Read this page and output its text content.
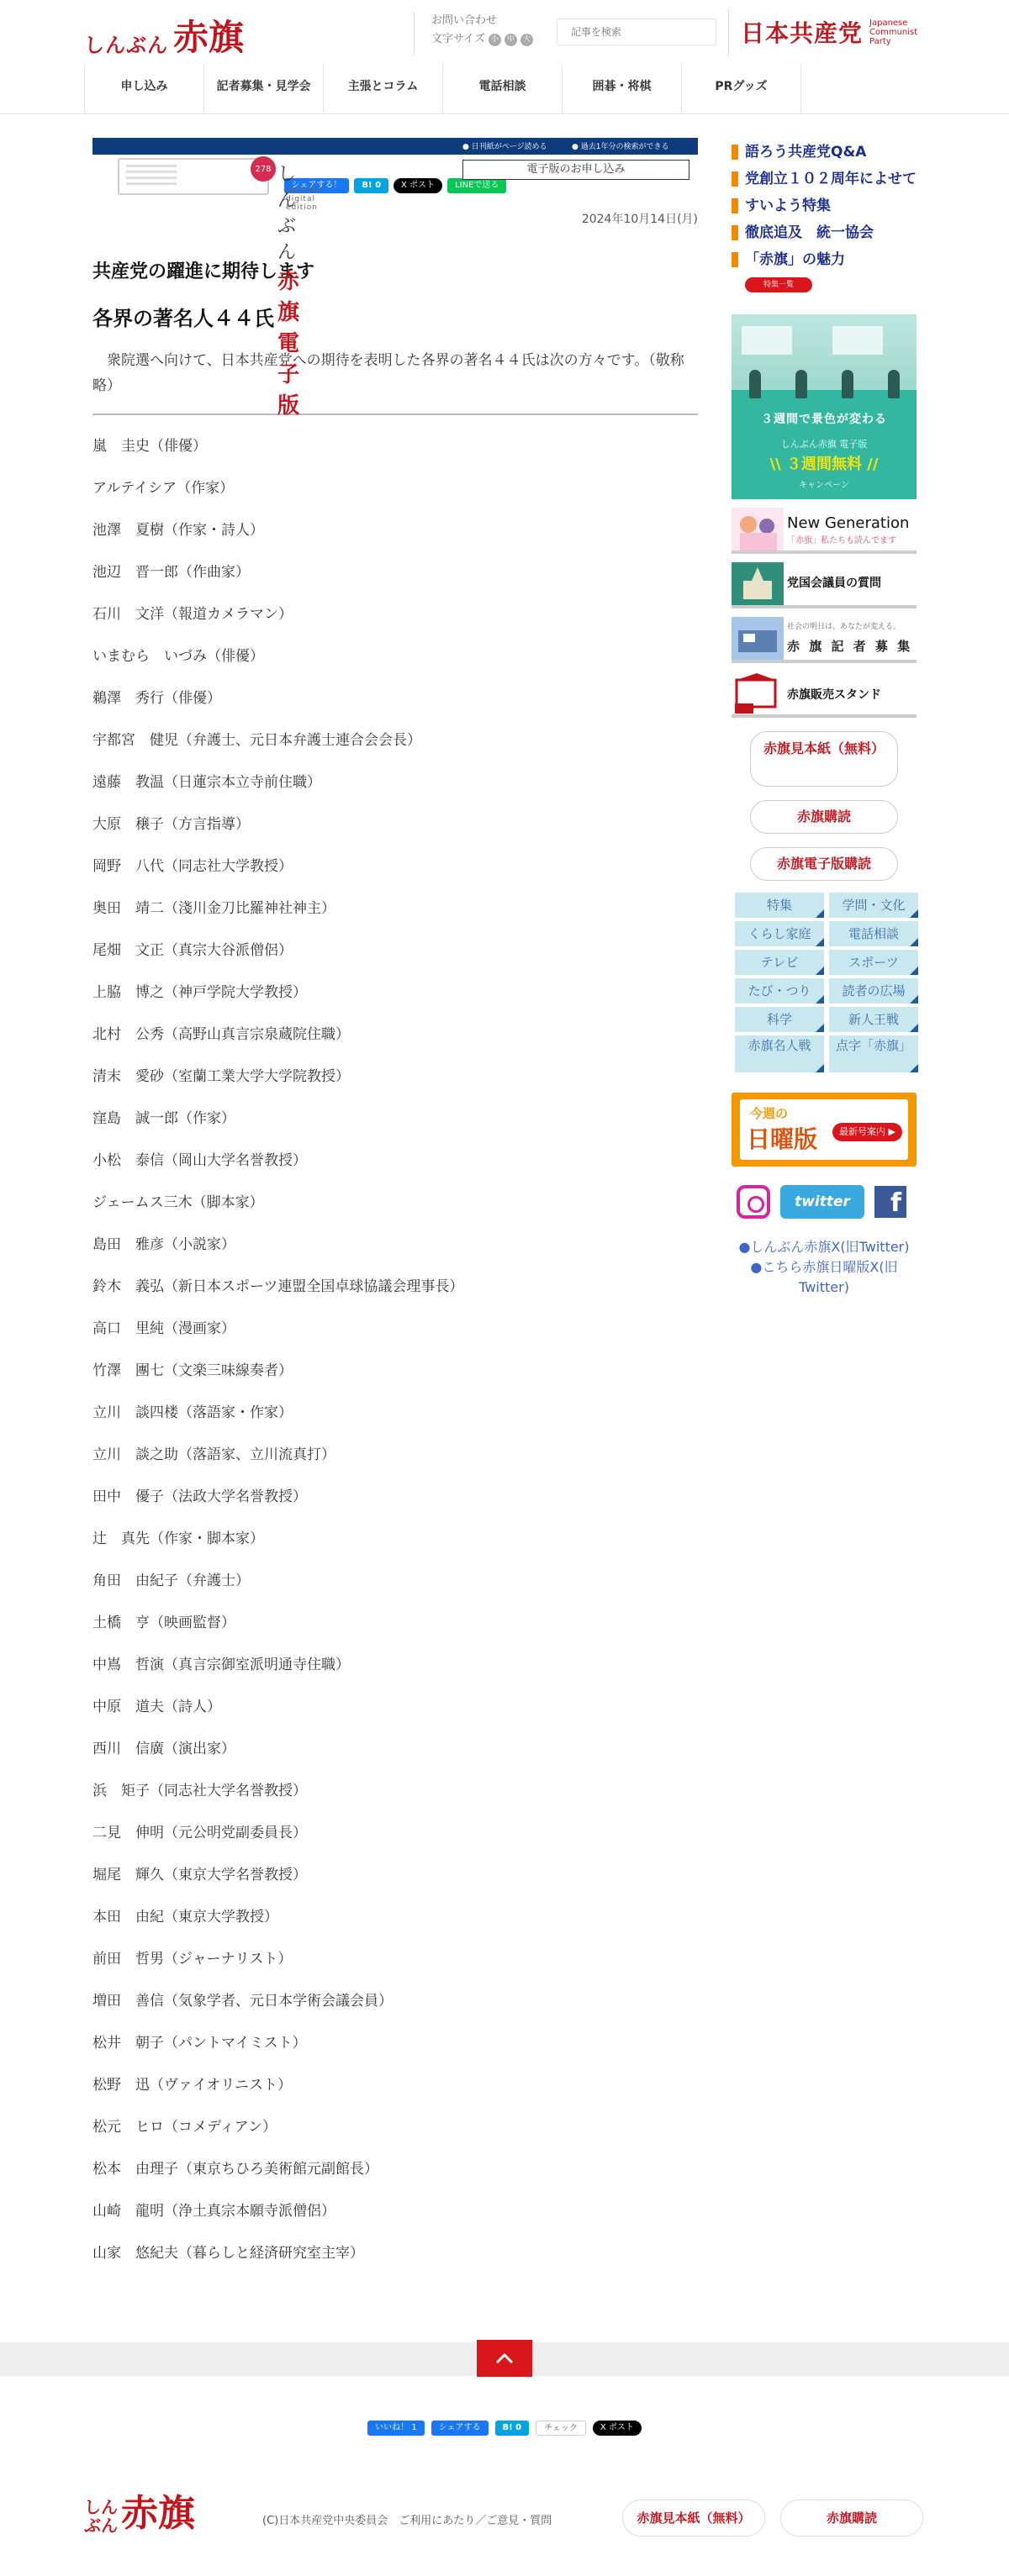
しんぶん 赤旗	お問い合わせ
文字サイズ 小	中	大
記事を検索	日本共産党 Japanese
Communist
Party
申し込み	記者募集・見学会	主張とコラム	電話相談	囲碁・将棋	PRグッズ
シェアする！	B! 0	X ポスト	LINEで送る

2024年10月14日(月)

共産党の躍進に期待します
各界の著名人４４氏

衆院選へ向けて、日本共産党への期待を表明した各界の著名４４氏は次の方々です。（敬称略）

嵐　圭史（俳優）
アルテイシア（作家）
池澤　夏樹（作家・詩人）
池辺　晋一郎（作曲家）
石川　文洋（報道カメラマン）
いまむら　いづみ（俳優）
鵜澤　秀行（俳優）
宇都宮　健児（弁護士、元日本弁護士連合会会長）
遠藤　教温（日蓮宗本立寺前住職）
大原　穣子（方言指導）
岡野　八代（同志社大学教授）
奥田　靖二（淺川金刀比羅神社神主）
尾畑　文正（真宗大谷派僧侶）
上脇　博之（神戸学院大学教授）
北村　公秀（高野山真言宗泉蔵院住職）
清末　愛砂（室蘭工業大学大学院教授）
窪島　誠一郎（作家）
小松　泰信（岡山大学名誉教授）
ジェームス三木（脚本家）
島田　雅彦（小説家）
鈴木　義弘（新日本スポーツ連盟全国卓球協議会理事長）
高口　里純（漫画家）
竹澤　團七（文楽三味線奏者）
立川　談四楼（落語家・作家）
立川　談之助（落語家、立川流真打）
田中　優子（法政大学名誉教授）
辻　真先（作家・脚本家）
角田　由紀子（弁護士）
土橋　亨（映画監督）
中嶌　哲演（真言宗御室派明通寺住職）
中原　道夫（詩人）
西川　信廣（演出家）
浜　矩子（同志社大学名誉教授）
二見　伸明（元公明党副委員長）
堀尾　輝久（東京大学名誉教授）
本田　由紀（東京大学教授）
前田　哲男（ジャーナリスト）
増田　善信（気象学者、元日本学術会議会員）
松井　朝子（パントマイミスト）
松野　迅（ヴァイオリニスト）
松元　ヒロ（コメディアン）
松本　由理子（東京ちひろ美術館元副館長）
山崎　龍明（浄土真宗本願寺派僧侶）
山家　悠紀夫（暮らしと経済研究室主宰）
語ろう共産党Q&A
党創立１０２周年によせて
すいよう特集
徹底追及　統一協会
「赤旗」の魅力
特集一覧
３週間で景色が変わる
しんぶん赤旗 電子版
\\ ３週間無料 //
キャンペーン
New Generation
「赤旗」私たちも読んでます
党国会議員の質問
社会の明日は、あなたが変える。
赤 旗 記 者 募 集
赤旗販売スタンド
赤旗見本紙（無料）
赤旗購読
赤旗電子版購読
特集	学問・文化
くらし家庭	電話相談
テレビ	スポーツ
たび・つり	読者の広場
科学	新人王戦
赤旗名人戦	点字「赤旗」
今週の
日曜版	最新号案内 ▶
twitter	f
●しんぶん赤旗X(旧Twitter)
●こちら赤旗日曜版X(旧Twitter)
いいね！ 1	シェアする	B! 0	チェック	X ポスト
しんぶん 赤旗	(C)日本共産党中央委員会　ご利用にあたり／ご意見・質問	赤旗見本紙（無料）	赤旗購読
